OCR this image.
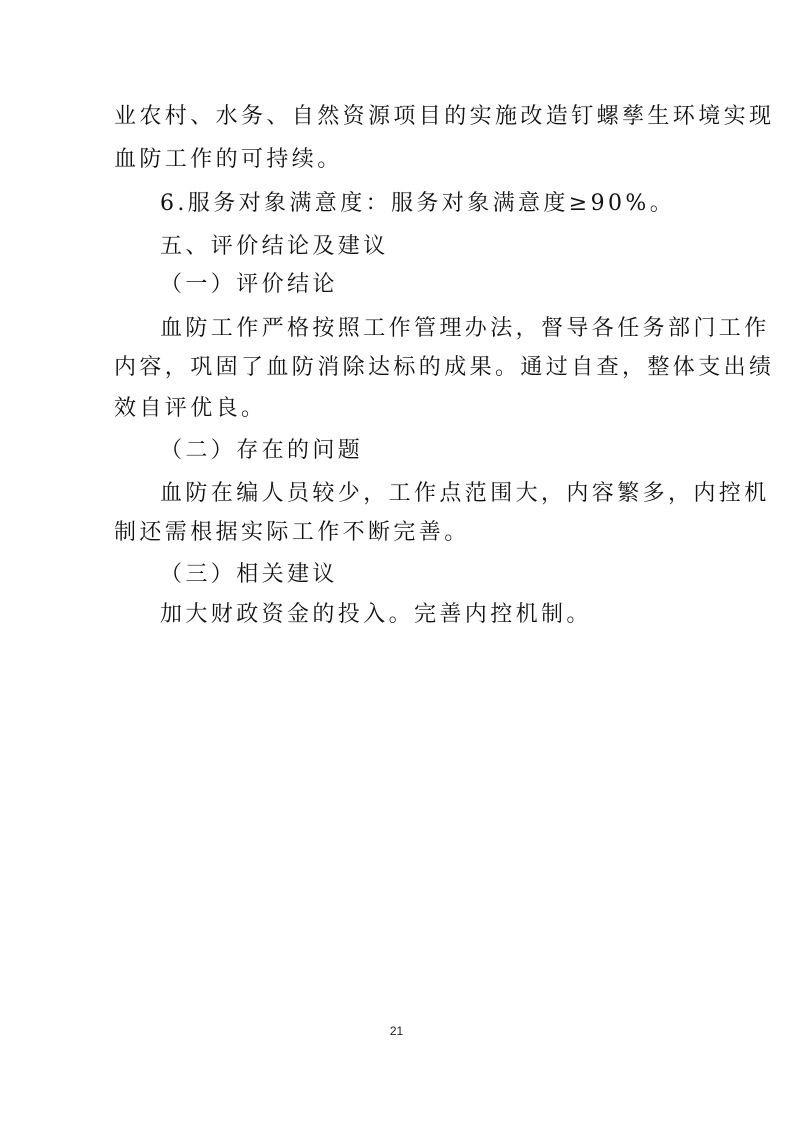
业农村、水务、自然资源项目的实施改造钉螺孳生环境实现
血防工作的可持续。
6.服务对象满意度：服务对象满意度≥90%。
五、评价结论及建议
（一）评价结论
血防工作严格按照工作管理办法，督导各任务部门工作
内容，巩固了血防消除达标的成果。通过自查，整体支出绩
效自评优良。
（二）存在的问题
血防在编人员较少，工作点范围大，内容繁多，内控机
制还需根据实际工作不断完善。
（三）相关建议
加大财政资金的投入。完善内控机制。
21
